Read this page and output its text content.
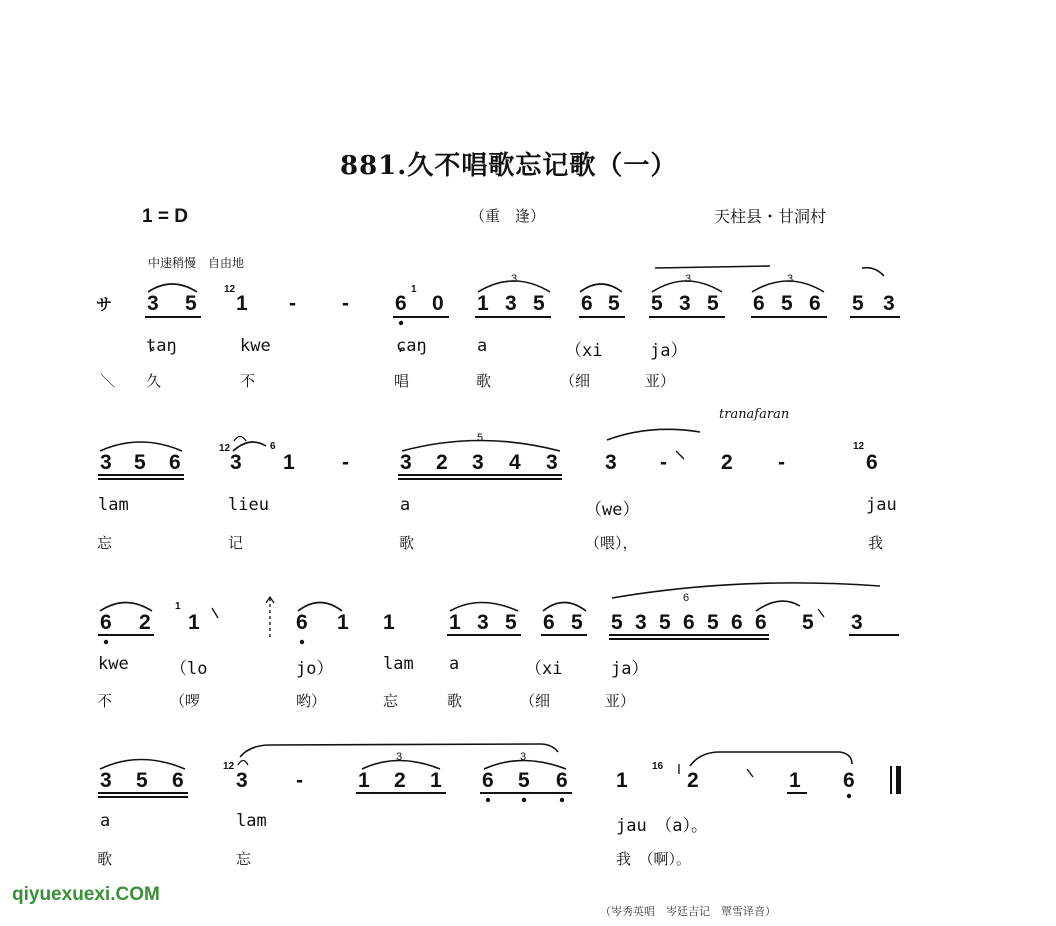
881.久不唱歌忘记歌（一）
1 = D	（重　逢）	天柱县・甘洞村
中速稍慢　自由地
サ 3 5
12
1 - - 6
1
0 1 3 5 6 5 5 3 5 6 5 6 5 3
3	3	3
ȶaŋ	kwe	ɕaŋ	a	（xi	ja）
＼ 久	不	唱	歌	（细	亚）
3 5 6
12
3
6
1 - 3 2 3 4 3 3 -	2 -
12
6
5
tranafaran
lam	lieu	a	（we）	jau
忘	记	歌	（喂），	我
6 2
1
1	6 1 1	1 3 5 6 5 5 3 5 6 5 6 6 5 3
6
kwe （lo	jo）	lam a	（xi	ja）
不	（啰	哟）	忘	歌	（细	亚）
3 5 6
12
3 -	1 2 1 6 5 6 1
16
2	1 6
3	3
a	lam	jau　（a）。
歌	忘	我　（啊）。
qiyuexuexi.COM
（岑秀英唱　岑廷吉记　覃雪译音）
